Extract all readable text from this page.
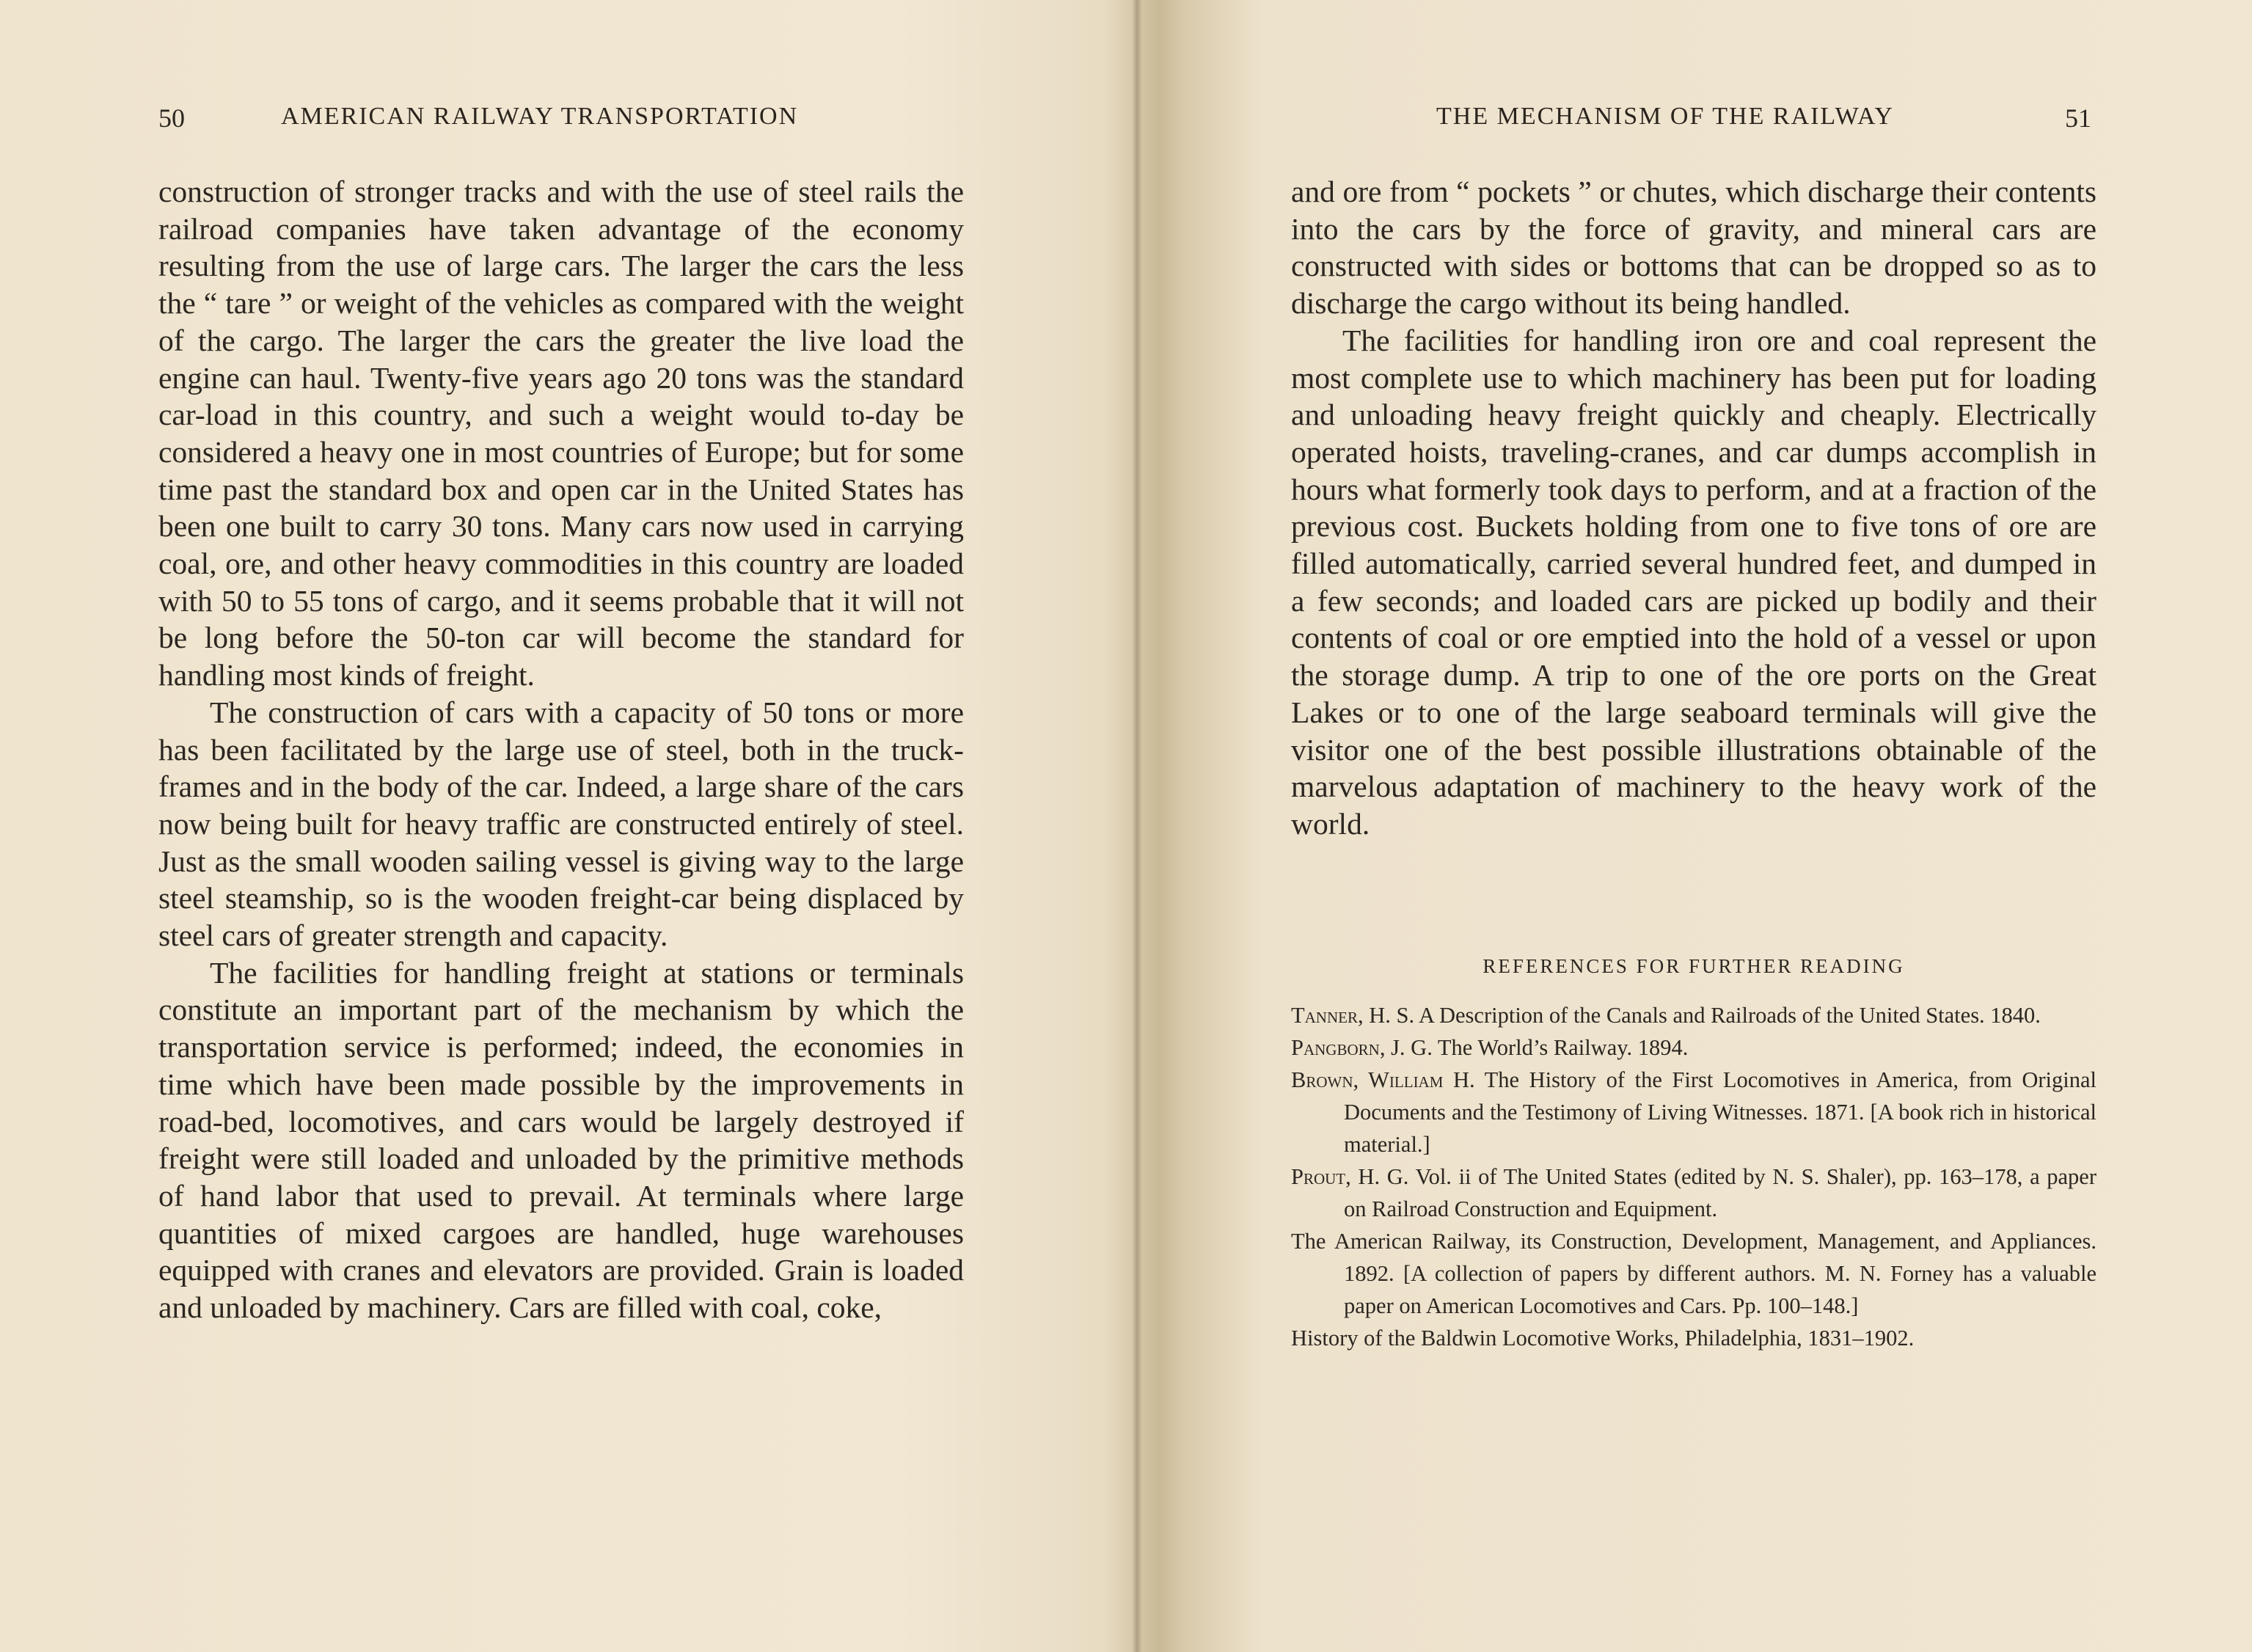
50	AMERICAN RAILWAY TRANSPORTATION

construction of stronger tracks and with the use of steel rails the railroad companies have taken advantage of the economy resulting from the use of large cars. The larger the cars the less the “ tare ” or weight of the vehicles as compared with the weight of the cargo. The larger the cars the greater the live load the engine can haul. Twenty-five years ago 20 tons was the standard car-load in this country, and such a weight would to-day be considered a heavy one in most countries of Europe; but for some time past the standard box and open car in the United States has been one built to carry 30 tons. Many cars now used in carrying coal, ore, and other heavy commodities in this country are loaded with 50 to 55 tons of cargo, and it seems probable that it will not be long before the 50-ton car will become the standard for handling most kinds of freight.

The construction of cars with a capacity of 50 tons or more has been facilitated by the large use of steel, both in the truck-frames and in the body of the car. Indeed, a large share of the cars now being built for heavy traffic are constructed entirely of steel. Just as the small wooden sailing vessel is giving way to the large steel steamship, so is the wooden freight-car being displaced by steel cars of greater strength and capacity.

The facilities for handling freight at stations or terminals constitute an important part of the mechanism by which the transportation service is performed; indeed, the economies in time which have been made possible by the improvements in road-bed, locomotives, and cars would be largely destroyed if freight were still loaded and unloaded by the primitive methods of hand labor that used to prevail. At terminals where large quantities of mixed cargoes are handled, huge warehouses equipped with cranes and elevators are provided. Grain is loaded and unloaded by machinery. Cars are filled with coal, coke,

THE MECHANISM OF THE RAILWAY	51

and ore from “ pockets ” or chutes, which discharge their contents into the cars by the force of gravity, and mineral cars are constructed with sides or bottoms that can be dropped so as to discharge the cargo without its being handled.

The facilities for handling iron ore and coal represent the most complete use to which machinery has been put for loading and unloading heavy freight quickly and cheaply. Electrically operated hoists, traveling-cranes, and car dumps accomplish in hours what formerly took days to perform, and at a fraction of the previous cost. Buckets holding from one to five tons of ore are filled automatically, carried several hundred feet, and dumped in a few seconds; and loaded cars are picked up bodily and their contents of coal or ore emptied into the hold of a vessel or upon the storage dump. A trip to one of the ore ports on the Great Lakes or to one of the large seaboard terminals will give the visitor one of the best possible illustrations obtainable of the marvelous adaptation of machinery to the heavy work of the world.

REFERENCES FOR FURTHER READING

Tanner, H. S. A Description of the Canals and Railroads of the United States. 1840.

Pangborn, J. G. The World’s Railway. 1894.

Brown, William H. The History of the First Locomotives in America, from Original Documents and the Testimony of Living Witnesses. 1871. [A book rich in historical material.]

Prout, H. G. Vol. ii of The United States (edited by N. S. Shaler), pp. 163–178, a paper on Railroad Construction and Equipment.

The American Railway, its Construction, Development, Management, and Appliances. 1892. [A collection of papers by different authors. M. N. Forney has a valuable paper on American Locomotives and Cars. Pp. 100–148.]

History of the Baldwin Locomotive Works, Philadelphia, 1831–1902.
